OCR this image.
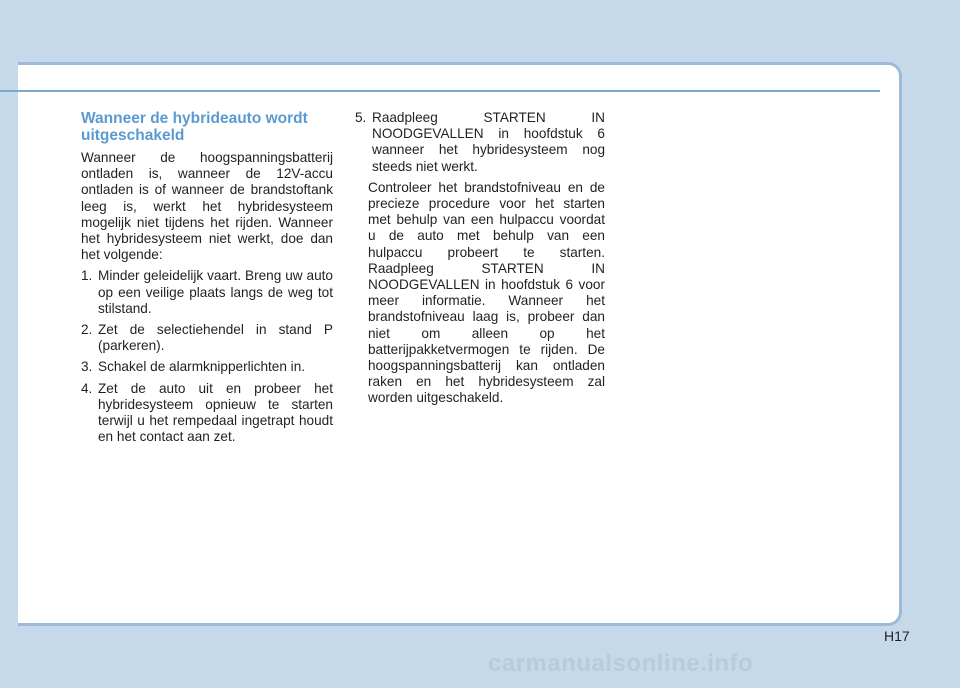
Wanneer de hybrideauto wordt uitgeschakeld
Wanneer de hoogspanningsbatterij ontladen is, wanneer de 12V-accu ontladen is of wanneer de brandstoftank leeg is, werkt het hybridesysteem mogelijk niet tijdens het rijden. Wanneer het hybridesysteem niet werkt, doe dan het volgende:
1. Minder geleidelijk vaart. Breng uw auto op een veilige plaats langs de weg tot stilstand.
2. Zet de selectiehendel in stand P (parkeren).
3. Schakel de alarmknipperlichten in.
4. Zet de auto uit en probeer het hybridesysteem opnieuw te starten terwijl u het rempedaal ingetrapt houdt en het contact aan zet.
5. Raadpleeg STARTEN IN NOODGEVALLEN in hoofdstuk 6 wanneer het hybridesysteem nog steeds niet werkt.
Controleer het brandstofniveau en de precieze procedure voor het starten met behulp van een hulpaccu voordat u de auto met behulp van een hulpaccu probeert te starten. Raadpleeg STARTEN IN NOODGEVALLEN in hoofdstuk 6 voor meer informatie. Wanneer het brandstofniveau laag is, probeer dan niet om alleen op het batterijpakketvermogen te rijden. De hoogspanningsbatterij kan ontladen raken en het hybridesysteem zal worden uitgeschakeld.
H17
carmanualsonline.info
